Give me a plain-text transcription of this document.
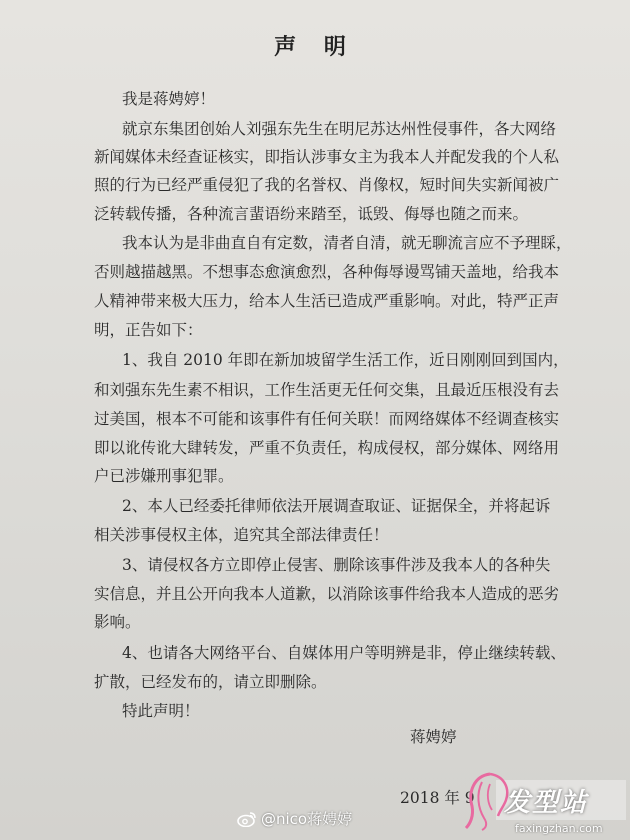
声 明
我是蒋娉婷！
就京东集团创始人刘强东先生在明尼苏达州性侵事件，各大网络
新闻媒体未经查证核实，即指认涉事女主为我本人并配发我的个人私
照的行为已经严重侵犯了我的名誉权、肖像权，短时间失实新闻被广
泛转载传播，各种流言蜚语纷来踏至，诋毁、侮辱也随之而来。
我本认为是非曲直自有定数，清者自清，就无聊流言应不予理睬，
否则越描越黑。不想事态愈演愈烈，各种侮辱谩骂铺天盖地，给我本
人精神带来极大压力，给本人生活已造成严重影响。对此，特严正声
明，正告如下：
1、我自 2010 年即在新加坡留学生活工作，近日刚刚回到国内，
和刘强东先生素不相识，工作生活更无任何交集，且最近压根没有去
过美国，根本不可能和该事件有任何关联！而网络媒体不经调查核实
即以讹传讹大肆转发，严重不负责任，构成侵权，部分媒体、网络用
户已涉嫌刑事犯罪。
2、本人已经委托律师依法开展调查取证、证据保全，并将起诉
相关涉事侵权主体，追究其全部法律责任！
3、请侵权各方立即停止侵害、删除该事件涉及我本人的各种失
实信息，并且公开向我本人道歉，以消除该事件给我本人造成的恶劣
影响。
4、也请各大网络平台、自媒体用户等明辨是非，停止继续转载、
扩散，已经发布的，请立即删除。
特此声明！
蒋娉婷
2018 年 9
@nico蒋娉婷
发型站
faxingzhan.com
